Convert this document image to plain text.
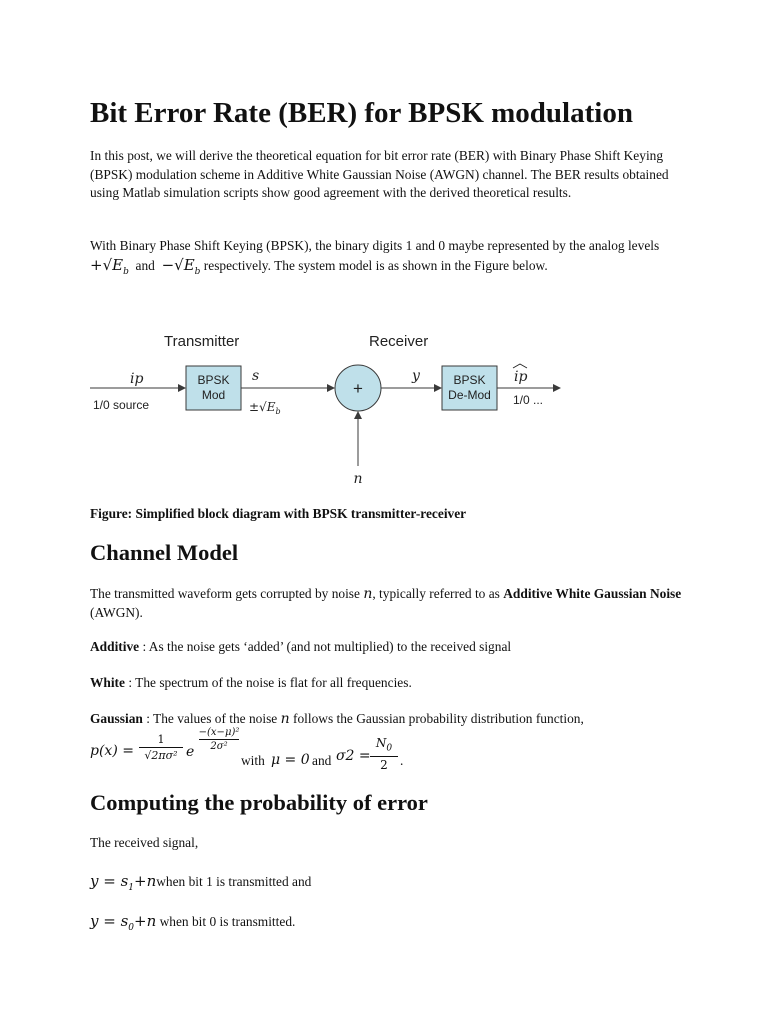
Bit Error Rate (BER) for BPSK modulation
In this post, we will derive the theoretical equation for bit error rate (BER) with Binary Phase Shift Keying (BPSK) modulation scheme in Additive White Gaussian Noise (AWGN) channel. The BER results obtained using Matlab simulation scripts show good agreement with the derived theoretical results.
With Binary Phase Shift Keying (BPSK), the binary digits 1 and 0 maybe represented by the analog levels $+√E_b$ and $-√E_b$ respectively. The system model is as shown in the Figure below.
Transmitter	Receiver
ip
1/0 source
BPSK
Mod
s
$\pm√E_b$
+
n
y	BPSK
De-Mod
ip
1/0 ...
Figure: Simplified block diagram with BPSK transmitter-receiver
Channel Model
The transmitted waveform gets corrupted by noise n, typically referred to as Additive White Gaussian Noise (AWGN).
Additive : As the noise gets ‘added’ (and not multiplied) to the received signal
White : The spectrum of the noise is flat for all frequencies.
Gaussian : The values of the noise n follows the Gaussian probability distribution function,
p(x) =
1
√2πσ² e
−(x−μ)²
2σ²
with μ = 0 and σ2 =
$N_0$
2 .
Computing the probability of error
The received signal,
$y = s_1+nwhen$ bit 1 is transmitted and
$y = s_0+n$ when bit 0 is transmitted.
